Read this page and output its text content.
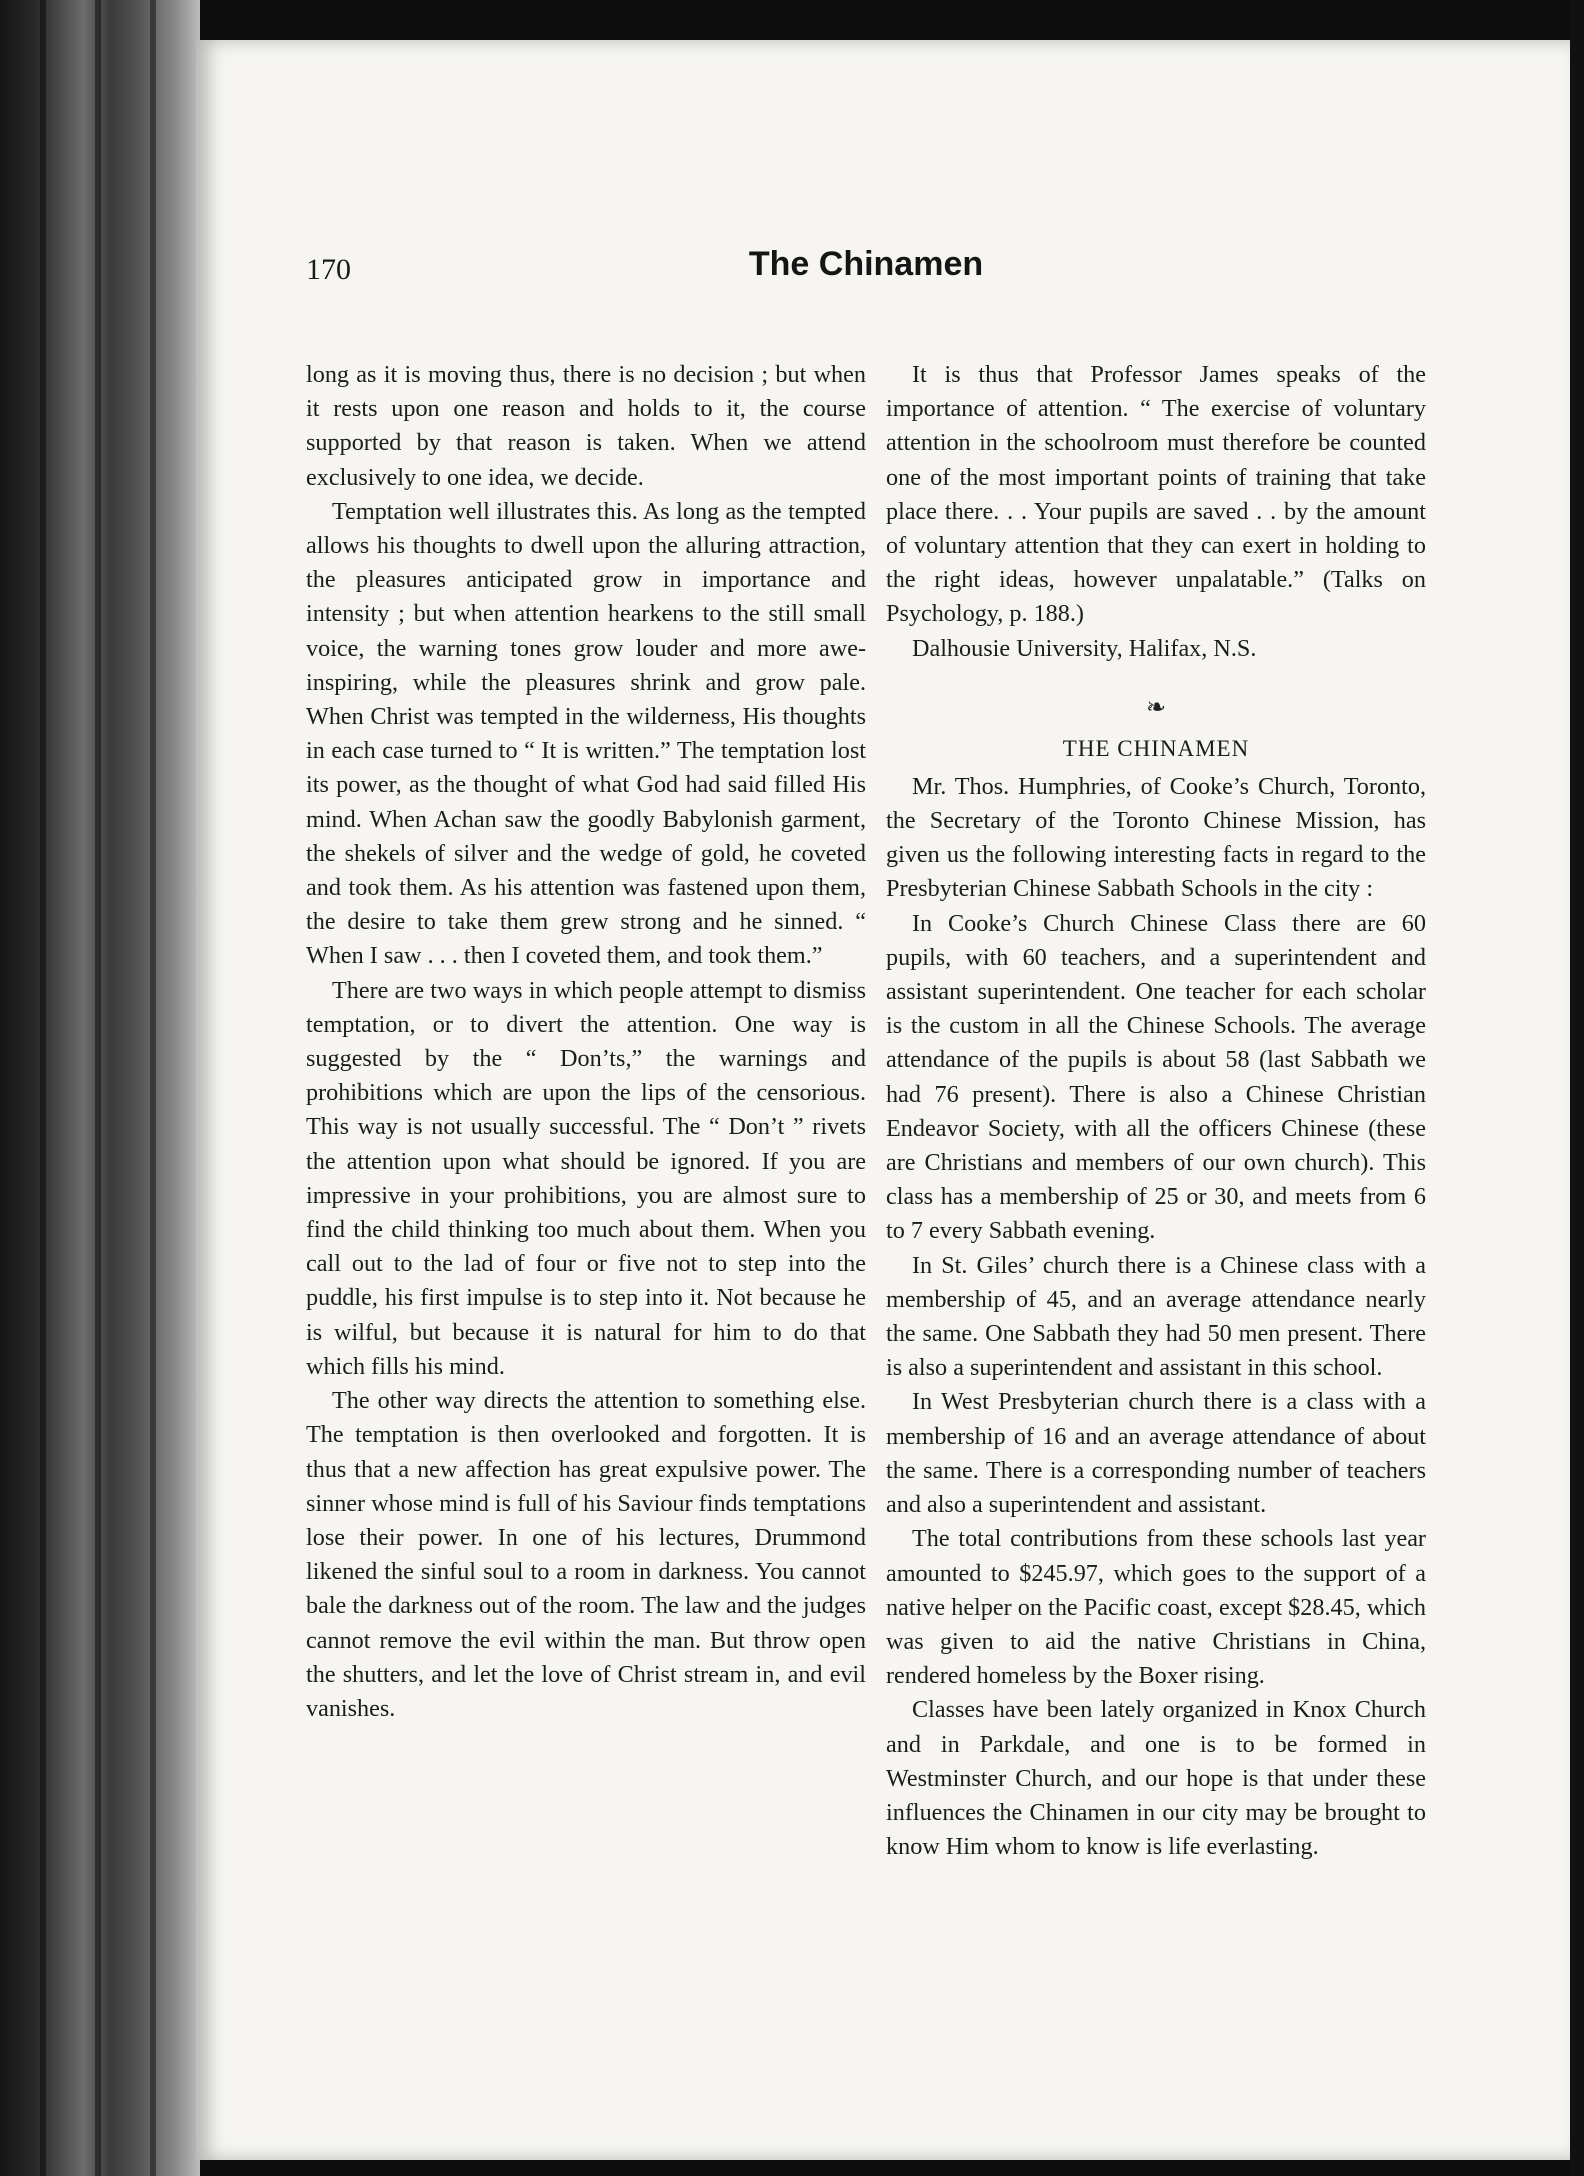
170	The Chinamen

long as it is moving thus, there is no decision ; but when it rests upon one reason and holds to it, the course supported by that reason is taken. When we attend exclusively to one idea, we decide.

Temptation well illustrates this. As long as the tempted allows his thoughts to dwell upon the alluring attraction, the pleasures anticipated grow in importance and intensity ; but when attention hearkens to the still small voice, the warning tones grow louder and more awe-inspiring, while the pleasures shrink and grow pale. When Christ was tempted in the wilderness, His thoughts in each case turned to “ It is written.” The temptation lost its power, as the thought of what God had said filled His mind. When Achan saw the goodly Babylonish garment, the shekels of silver and the wedge of gold, he coveted and took them. As his attention was fastened upon them, the desire to take them grew strong and he sinned. “ When I saw . . . then I coveted them, and took them.”

There are two ways in which people attempt to dismiss temptation, or to divert the attention. One way is suggested by the “ Don’ts,” the warnings and prohibitions which are upon the lips of the censorious. This way is not usually successful. The “ Don’t ” rivets the attention upon what should be ignored. If you are impressive in your prohibitions, you are almost sure to find the child thinking too much about them. When you call out to the lad of four or five not to step into the puddle, his first impulse is to step into it. Not because he is wilful, but because it is natural for him to do that which fills his mind.

The other way directs the attention to something else. The temptation is then overlooked and forgotten. It is thus that a new affection has great expulsive power. The sinner whose mind is full of his Saviour finds temptations lose their power. In one of his lectures, Drummond likened the sinful soul to a room in darkness. You cannot bale the darkness out of the room. The law and the judges cannot remove the evil within the man. But throw open the shutters, and let the love of Christ stream in, and evil vanishes.

It is thus that Professor James speaks of the importance of attention. “ The exercise of voluntary attention in the schoolroom must therefore be counted one of the most important points of training that take place there. . . Your pupils are saved . . by the amount of voluntary attention that they can exert in holding to the right ideas, however unpalatable.” (Talks on Psychology, p. 188.)

Dalhousie University, Halifax, N.S.

❧
THE CHINAMEN

Mr. Thos. Humphries, of Cooke’s Church, Toronto, the Secretary of the Toronto Chinese Mission, has given us the following interesting facts in regard to the Presbyterian Chinese Sabbath Schools in the city :

In Cooke’s Church Chinese Class there are 60 pupils, with 60 teachers, and a superintendent and assistant superintendent. One teacher for each scholar is the custom in all the Chinese Schools. The average attendance of the pupils is about 58 (last Sabbath we had 76 present). There is also a Chinese Christian Endeavor Society, with all the officers Chinese (these are Christians and members of our own church). This class has a membership of 25 or 30, and meets from 6 to 7 every Sabbath evening.

In St. Giles’ church there is a Chinese class with a membership of 45, and an average attendance nearly the same. One Sabbath they had 50 men present. There is also a superintendent and assistant in this school.

In West Presbyterian church there is a class with a membership of 16 and an average attendance of about the same. There is a corresponding number of teachers and also a superintendent and assistant.

The total contributions from these schools last year amounted to $245.97, which goes to the support of a native helper on the Pacific coast, except $28.45, which was given to aid the native Christians in China, rendered homeless by the Boxer rising.

Classes have been lately organized in Knox Church and in Parkdale, and one is to be formed in Westminster Church, and our hope is that under these influences the Chinamen in our city may be brought to know Him whom to know is life everlasting.
